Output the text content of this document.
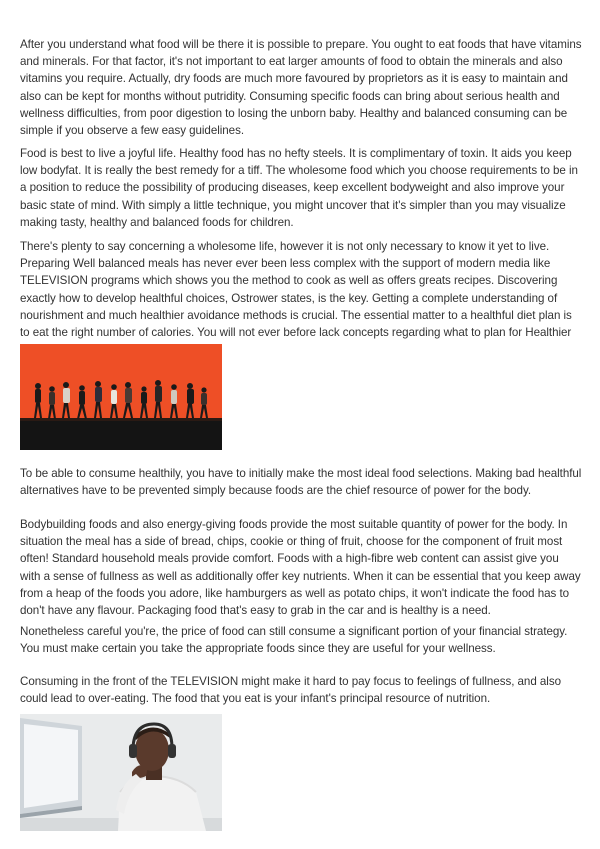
After you understand what food will be there it is possible to prepare. You ought to eat foods that have vitamins and minerals. For that factor, it's not important to eat larger amounts of food to obtain the minerals and also vitamins you require. Actually, dry foods are much more favoured by proprietors as it is easy to maintain and also can be kept for months without putridity. Consuming specific foods can bring about serious health and wellness difficulties, from poor digestion to losing the unborn baby. Healthy and balanced consuming can be simple if you observe a few easy guidelines.

Food is best to live a joyful life. Healthy food has no hefty steels. It is complimentary of toxin. It aids you keep low bodyfat. It is really the best remedy for a tiff. The wholesome food which you choose requirements to be in a position to reduce the possibility of producing diseases, keep excellent bodyweight and also improve your basic state of mind. With simply a little technique, you might uncover that it's simpler than you may visualize making tasty, healthy and balanced foods for children.

There's plenty to say concerning a wholesome life, however it is not only necessary to know it yet to live. Preparing Well balanced meals has never ever been less complex with the support of modern media like TELEVISION programs which shows you the method to cook as well as offers greats recipes. Discovering exactly how to develop healthful choices, Ostrower states, is the key. Getting a complete understanding of nourishment and much healthier avoidance methods is crucial. The essential matter to a healthful diet plan is to eat the right number of calories. You will not ever before lack concepts regarding what to plan for Healthier

To be able to consume healthily, you have to initially make the most ideal food selections. Making bad healthful alternatives have to be prevented simply because foods are the chief resource of power for the body.

Bodybuilding foods and also energy-giving foods provide the most suitable quantity of power for the body. In situation the meal has a side of bread, chips, cookie or thing of fruit, choose for the component of fruit most often! Standard household meals provide comfort. Foods with a high-fibre web content can assist give you with a sense of fullness as well as additionally offer key nutrients. When it can be essential that you keep away from a heap of the foods you adore, like hamburgers as well as potato chips, it won't indicate the food has to don't have any flavour. Packaging food that's easy to grab in the car and is healthy is a need.

Nonetheless careful you're, the price of food can still consume a significant portion of your financial strategy. You must make certain you take the appropriate foods since they are useful for your wellness.

Consuming in the front of the TELEVISION might make it hard to pay focus to feelings of fullness, and also could lead to over-eating. The food that you eat is your infant's principal resource of nutrition.
